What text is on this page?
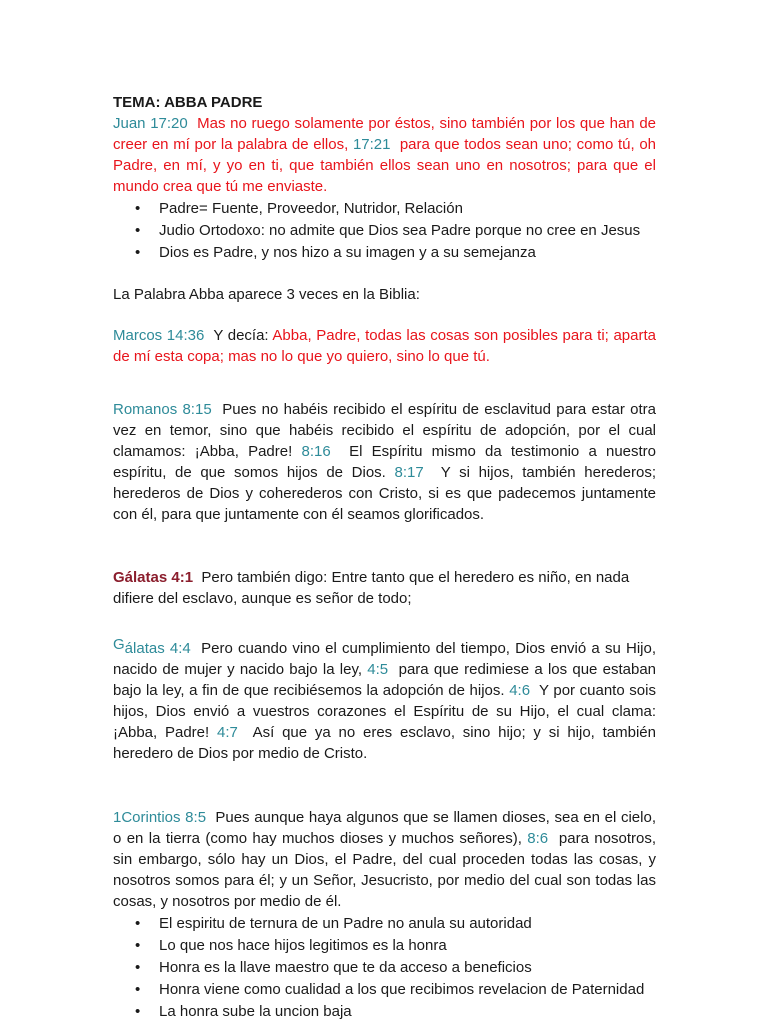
TEMA: ABBA PADRE

Juan 17:20 Mas no ruego solamente por éstos, sino también por los que han de creer en mí por la palabra de ellos, 17:21 para que todos sean uno; como tú, oh Padre, en mí, y yo en ti, que también ellos sean uno en nosotros; para que el mundo crea que tú me enviaste.

• Padre= Fuente, Proveedor, Nutridor, Relación
• Judio Ortodoxo: no admite que Dios sea Padre porque no cree en Jesus
• Dios es Padre, y nos hizo a su imagen y a su semejanza

La Palabra Abba aparece 3 veces en la Biblia:

Marcos 14:36 Y decía: Abba, Padre, todas las cosas son posibles para ti; aparta de mí esta copa; mas no lo que yo quiero, sino lo que tú.

Romanos 8:15 Pues no habéis recibido el espíritu de esclavitud para estar otra vez en temor, sino que habéis recibido el espíritu de adopción, por el cual clamamos: ¡Abba, Padre! 8:16 El Espíritu mismo da testimonio a nuestro espíritu, de que somos hijos de Dios. 8:17 Y si hijos, también herederos; herederos de Dios y coherederos con Cristo, si es que padecemos juntamente con él, para que juntamente con él seamos glorificados.

Gálatas 4:1 Pero también digo: Entre tanto que el heredero es niño, en nada difiere del esclavo, aunque es señor de todo;

Gálatas 4:4 Pero cuando vino el cumplimiento del tiempo, Dios envió a su Hijo, nacido de mujer y nacido bajo la ley, 4:5 para que redimiese a los que estaban bajo la ley, a fin de que recibiésemos la adopción de hijos. 4:6 Y por cuanto sois hijos, Dios envió a vuestros corazones el Espíritu de su Hijo, el cual clama: ¡Abba, Padre! 4:7 Así que ya no eres esclavo, sino hijo; y si hijo, también heredero de Dios por medio de Cristo.

1Corintios 8:5 Pues aunque haya algunos que se llamen dioses, sea en el cielo, o en la tierra (como hay muchos dioses y muchos señores), 8:6 para nosotros, sin embargo, sólo hay un Dios, el Padre, del cual proceden todas las cosas, y nosotros somos para él; y un Señor, Jesucristo, por medio del cual son todas las cosas, y nosotros por medio de él.

• El espiritu de ternura de un Padre no anula su autoridad
• Lo que nos hace hijos legitimos es la honra
• Honra es la llave maestro que te da acceso a beneficios
• Honra viene como cualidad a los que recibimos revelacion de Paternidad
• La honra sube la uncion baja
